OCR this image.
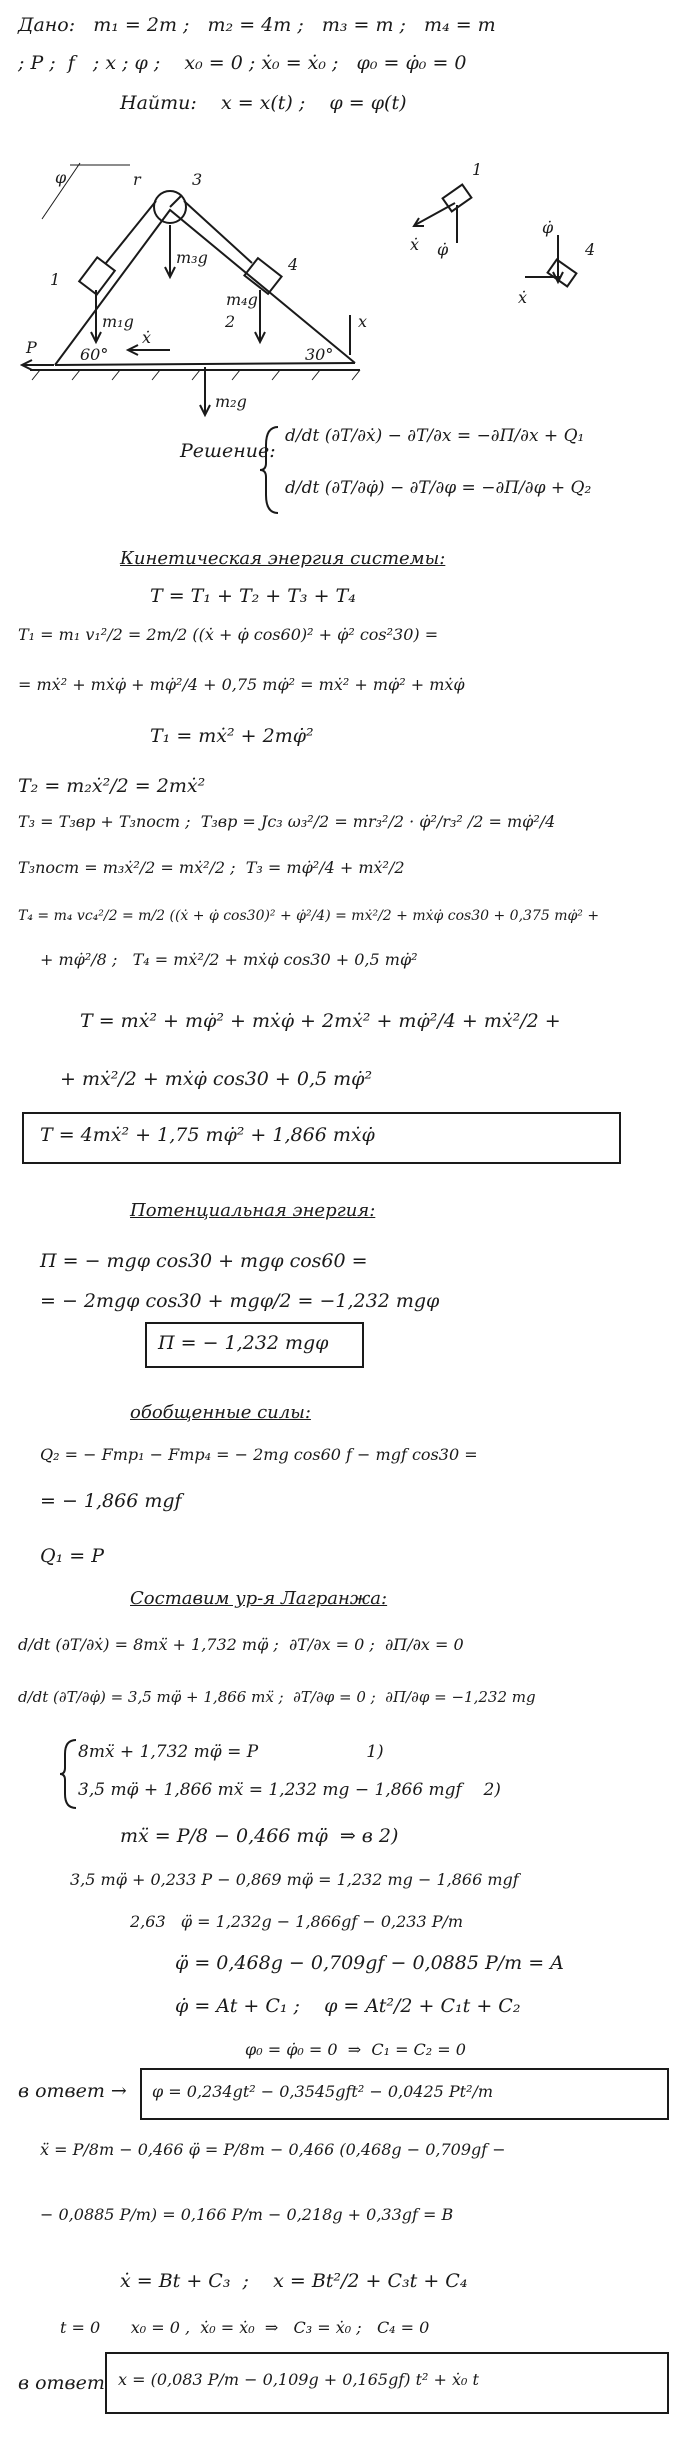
Дано:   m₁ = 2m ;   m₂ = 4m ;   m₃ = m ;   m₄ = m
; P ;  f   ; x ; φ ;    x₀ = 0 ; ẋ₀ = ẋ₀ ;   φ₀ = φ̇₀ = 0
Найти:    x = x(t) ;    φ = φ(t)
φ	r	3
1
4
2
m₃g
m₁g
m₄g
m₂g
P	60°	30°
x
ẋ
1
ẋ φ̇	4
φ̇
ẋ
Решение:
d/dt (∂T/∂ẋ) − ∂T/∂x = −∂П/∂x + Q₁
d/dt (∂T/∂φ̇) − ∂T/∂φ = −∂П/∂φ + Q₂
Кинетическая энергия системы:
T = T₁ + T₂ + T₃ + T₄
T₁ = m₁ v₁²/2 = 2m/2 ((ẋ + φ̇ cos60)² + φ̇² cos²30) =
= mẋ² + mẋφ̇ + mφ̇²/4 + 0,75 mφ̇² = mẋ² + mφ̇² + mẋφ̇
T₁ = mẋ² + 2mφ̇²
T₂ = m₂ẋ²/2 = 2mẋ²
T₃ = T₃вр + T₃пост ;  T₃вр = Jc₃ ω₃²/2 = mr₃²/2 · φ̇²/r₃² /2 = mφ̇²/4
T₃пост = m₃ẋ²/2 = mẋ²/2 ;  T₃ = mφ̇²/4 + mẋ²/2
T₄ = m₄ vc₄²/2 = m/2 ((ẋ + φ̇ cos30)² + φ̇²/4) = mẋ²/2 + mẋφ̇ cos30 + 0,375 mφ̇² +
+ mφ̇²/8 ;   T₄ = mẋ²/2 + mẋφ̇ cos30 + 0,5 mφ̇²
T = mẋ² + mφ̇² + mẋφ̇ + 2mẋ² + mφ̇²/4 + mẋ²/2 +
+ mẋ²/2 + mẋφ̇ cos30 + 0,5 mφ̇²
T = 4mẋ² + 1,75 mφ̇² + 1,866 mẋφ̇
Потенциальная энергия:
П = − mgφ cos30 + mgφ cos60 =
= − 2mgφ cos30 + mgφ/2 = −1,232 mgφ
П = − 1,232 mgφ
обобщенные силы:
Q₂ = − Fтр₁ − Fтр₄ = − 2mg cos60 f − mgf cos30 =
= − 1,866 mgf
Q₁ = P
Составим ур-я Лагранжа:
d/dt (∂T/∂ẋ) = 8mẍ + 1,732 mφ̈ ;  ∂T/∂x = 0 ;  ∂П/∂x = 0
d/dt (∂T/∂φ̇) = 3,5 mφ̈ + 1,866 mẍ ;  ∂T/∂φ = 0 ;  ∂П/∂φ = −1,232 mg
8mẍ + 1,732 mφ̈ = P                    1)
3,5 mφ̈ + 1,866 mẍ = 1,232 mg − 1,866 mgf    2)
mẍ = P/8 − 0,466 mφ̈  ⇒ в 2)
3,5 mφ̈ + 0,233 P − 0,869 mφ̈ = 1,232 mg − 1,866 mgf
2,63   φ̈ = 1,232g − 1,866gf − 0,233 P/m
φ̈ = 0,468g − 0,709gf − 0,0885 P/m = A
φ̇ = At + C₁ ;    φ = At²/2 + C₁t + C₂
φ₀ = φ̇₀ = 0  ⇒  C₁ = C₂ = 0
в ответ → φ = 0,234gt² − 0,3545gft² − 0,0425 Pt²/m
ẍ = P/8m − 0,466 φ̈ = P/8m − 0,466 (0,468g − 0,709gf −
− 0,0885 P/m) = 0,166 P/m − 0,218g + 0,33gf = B
ẋ = Bt + C₃  ;    x = Bt²/2 + C₃t + C₄
t = 0      x₀ = 0 ,  ẋ₀ = ẋ₀  ⇒   C₃ = ẋ₀ ;   C₄ = 0
в ответ x = (0,083 P/m − 0,109g + 0,165gf) t² + ẋ₀ t
